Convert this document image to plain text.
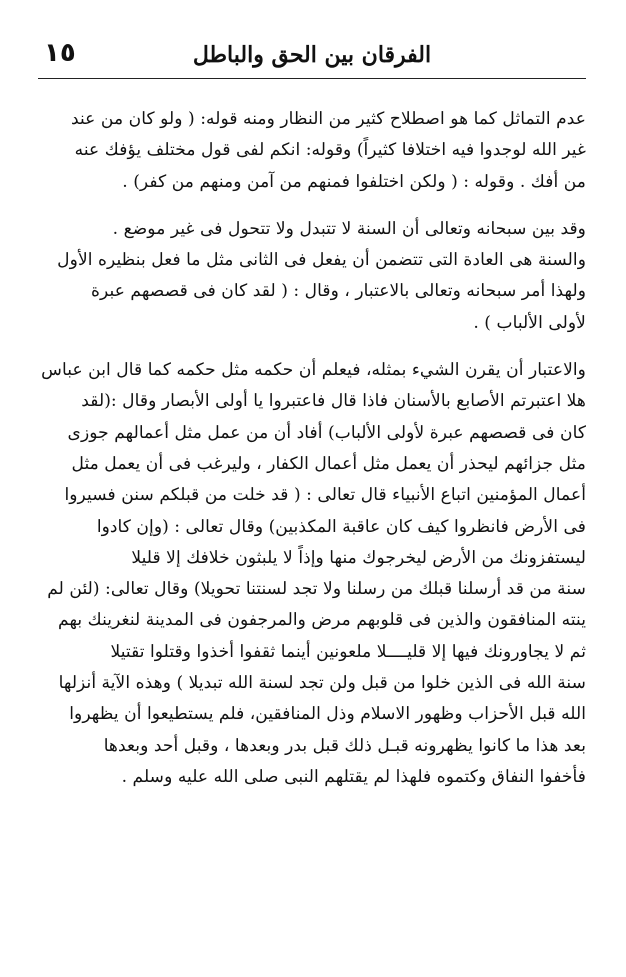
١٥	الفرقان بين الحق والباطل

عدم التماثل كما هو اصطلاح كثير من النظار ومنه قوله: ( ولو كان من عند

غير الله لوجدوا فيه اختلافا كثيراً) وقوله: انكم لفى قول مختلف يؤفك عنه

من أفك . وقوله : ( ولكن اختلفوا فمنهم من آمن ومنهم من كفر) .

وقد بين سبحانه وتعالى أن السنة لا تتبدل ولا تتحول فى غير موضع .

والسنة هى العادة التى تتضمن أن يفعل فى الثانى مثل ما فعل بنظيره الأول

ولهذا أمر سبحانه وتعالى بالاعتبار ، وقال : ( لقد كان فى قصصهم عبرة

لأولى الألباب ) .

والاعتبار أن يقرن الشيء بمثله، فيعلم أن حكمه مثل حكمه كما قال ابن عباس

هلا اعتبرتم الأصابع بالأسنان فاذا قال فاعتبروا يا أولى الأبصار وقال :(لقد

كان فى قصصهم عبرة لأولى الألباب) أفاد أن من عمل مثل أعمالهم جوزى

مثل جزائهم ليحذر أن يعمل مثل أعمال الكفار ، وليرغب فى أن يعمل مثل

أعمال المؤمنين اتباع الأنبياء قال تعالى : ( قد خلت من قبلكم سنن فسيروا

فى الأرض فانظروا كيف كان عاقبة المكذبين) وقال تعالى : (وإن كادوا

ليستفزونك من الأرض ليخرجوك منها وإذاً لا يلبثون خلافك إلا قليلا

سنة من قد أرسلنا قبلك من رسلنا ولا تجد لسنتنا تحويلا) وقال تعالى: (لئن لم

ينته المنافقون والذين فى قلوبهم مرض والمرجفون فى المدينة لنغرينك بهم

ثم لا يجاورونك فيها إلا قليــــلا ملعونين أينما ثقفوا أخذوا وقتلوا تقتيلا

سنة الله فى الذين خلوا من قبل ولن تجد لسنة الله تبديلا ) وهذه الآية أنزلها

الله قبل الأحزاب وظهور الاسلام وذل المنافقين، فلم يستطيعوا أن يظهروا

بعد هذا ما كانوا يظهرونه قبـل ذلك قبل بدر وبعدها ، وقبل أحد وبعدها

فأخفوا النفاق وكتموه فلهذا لم يقتلهم النبى صلى الله عليه وسلم .
